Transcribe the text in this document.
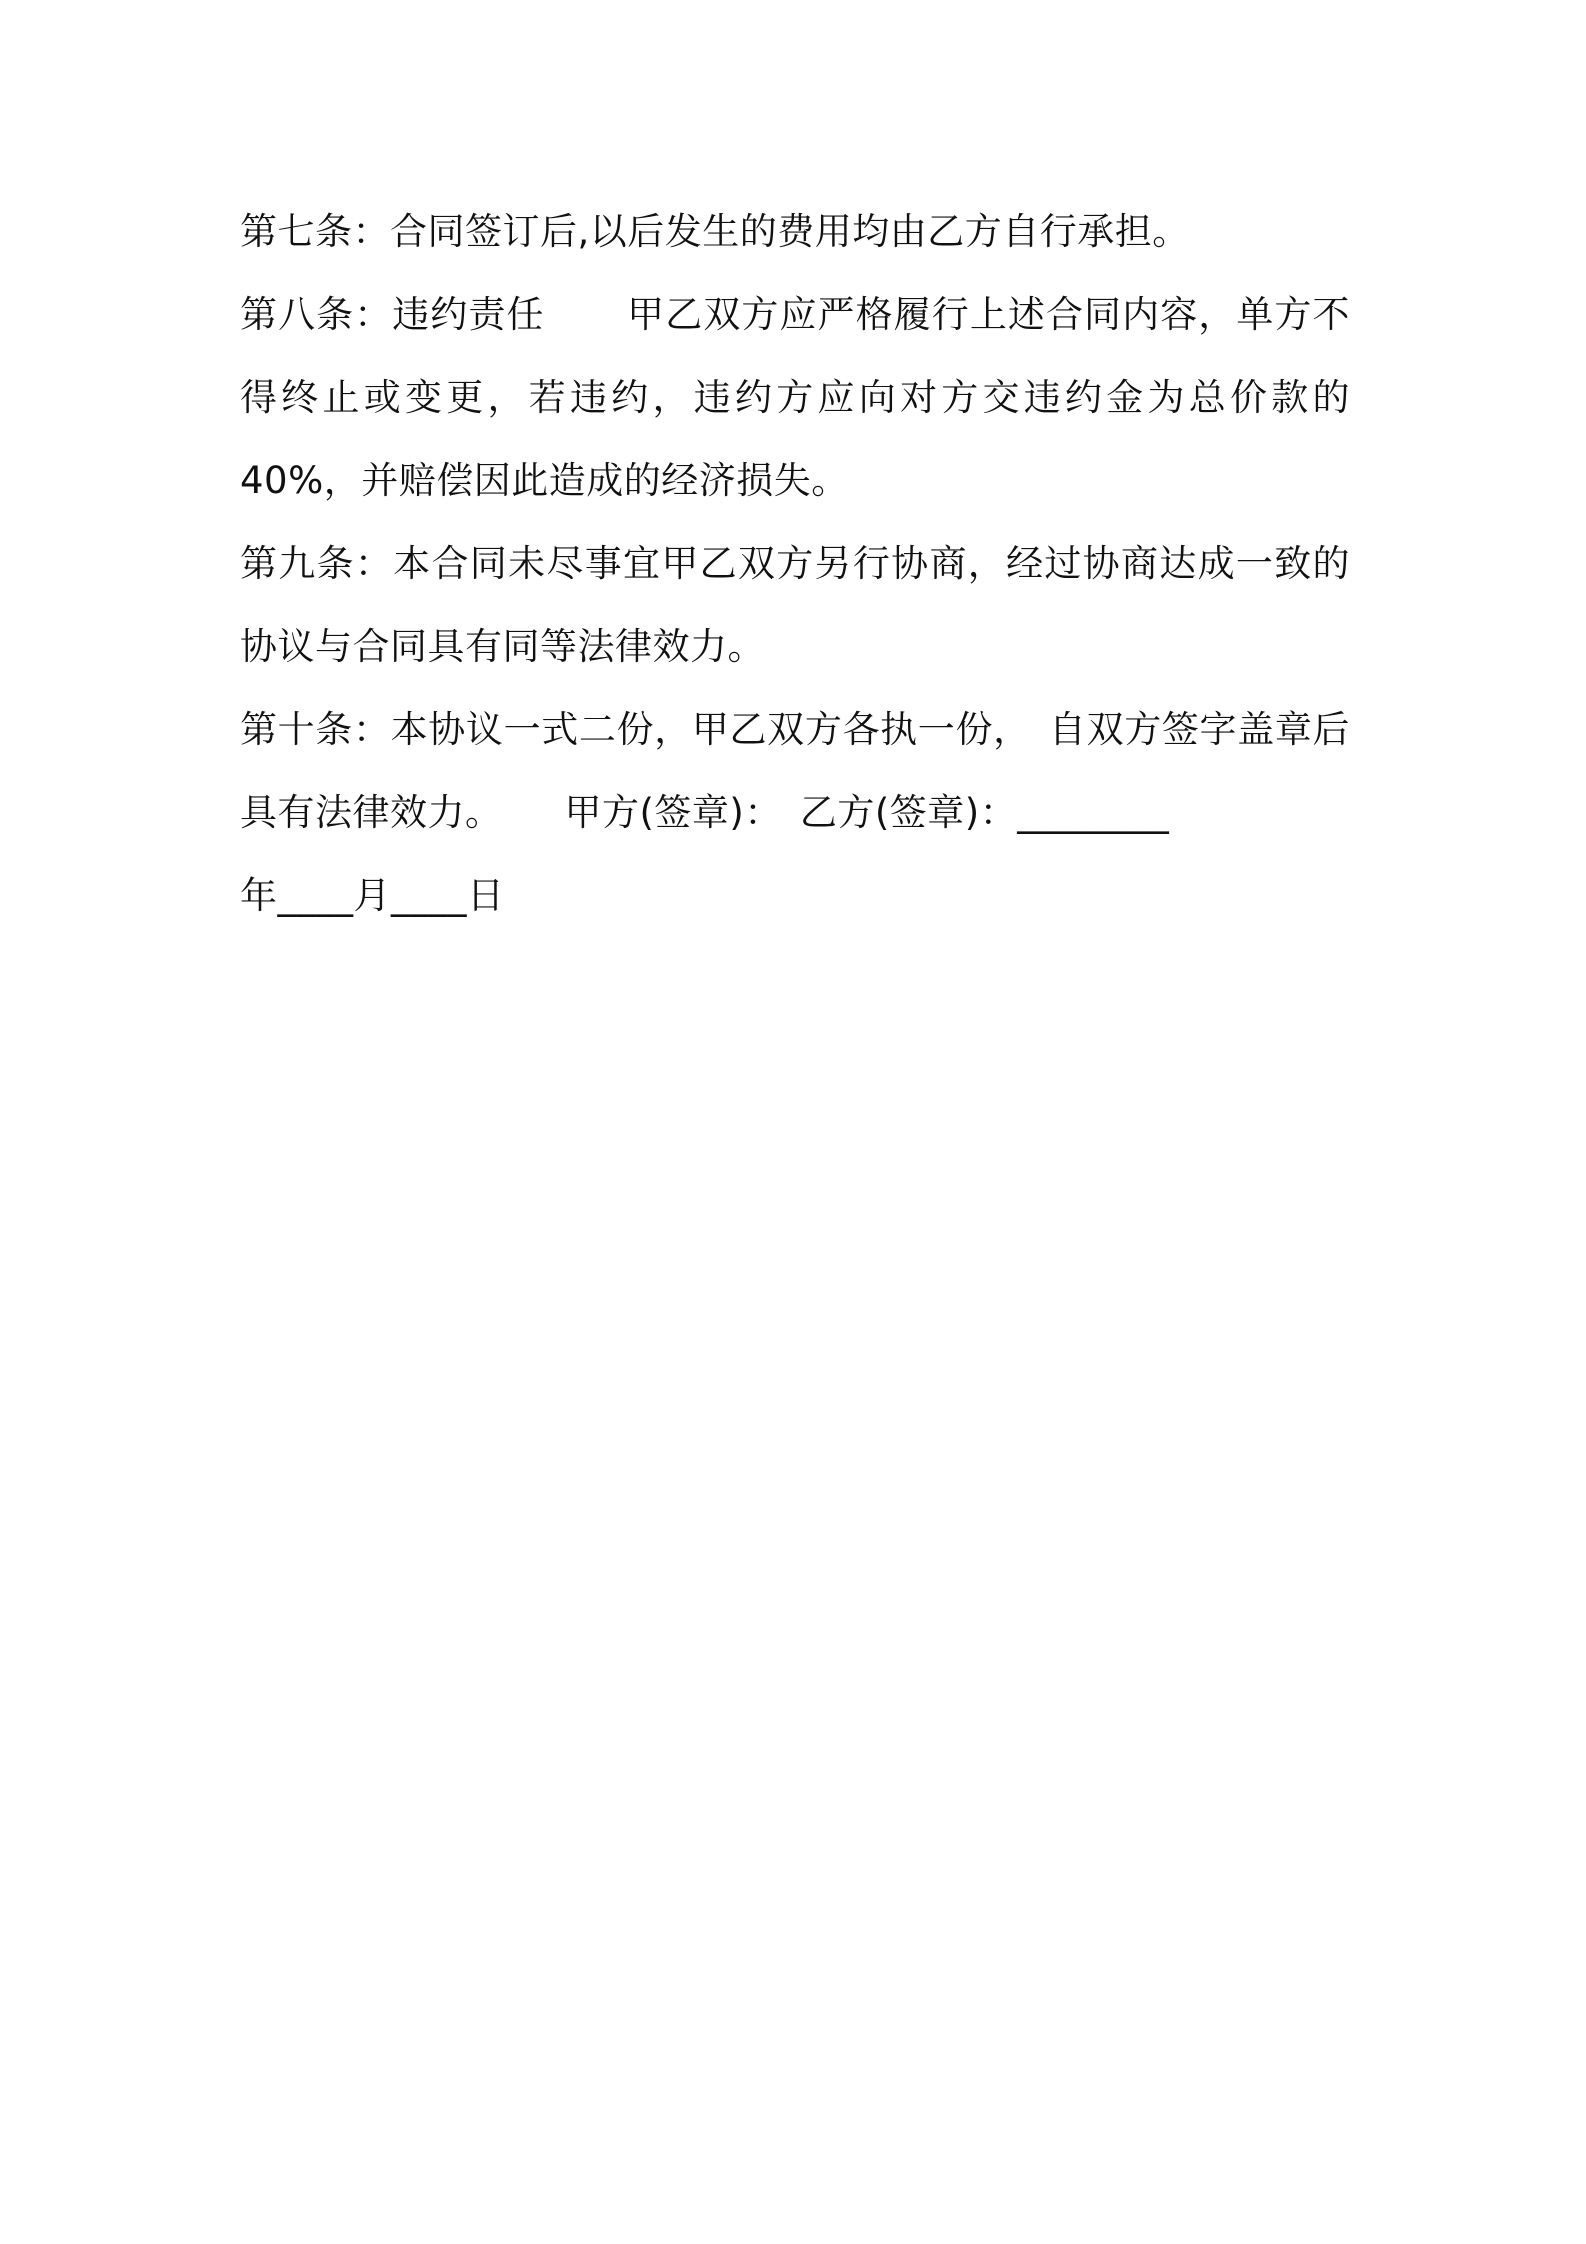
第七条：合同签订后,以后发生的费用均由乙方自行承担。

第八条：违约责任 甲乙双方应严格履行上述合同内容，单方不得终止或变更，若违约，违约方应向对方交违约金为总价款的40%，并赔偿因此造成的经济损失。

第九条：本合同未尽事宜甲乙双方另行协商，经过协商达成一致的协议与合同具有同等法律效力。

第十条：本协议一式二份，甲乙双方各执一份， 自双方签字盖章后具有法律效力。 甲方(签章)： 乙方(签章)：________

年____月____日
